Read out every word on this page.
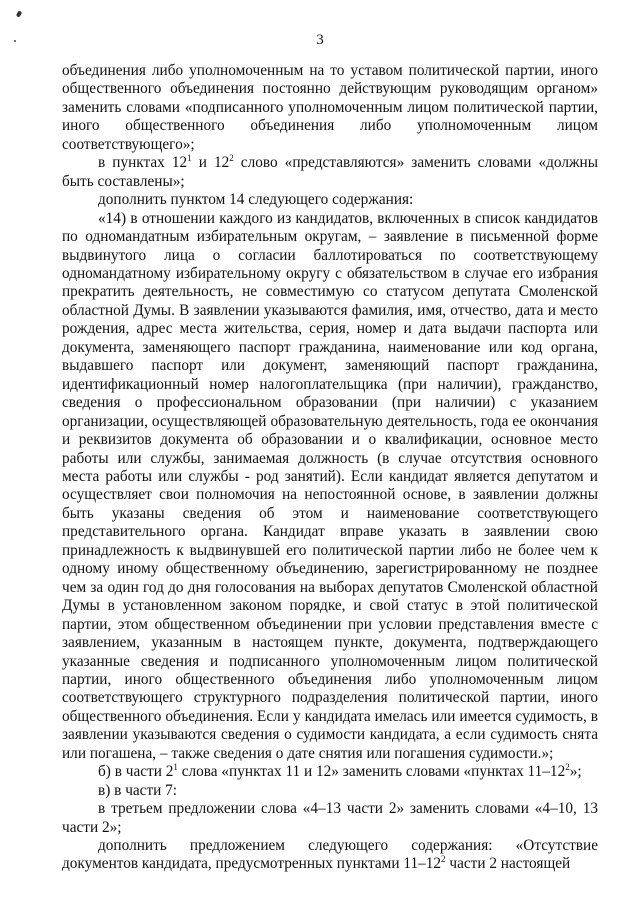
3

объединения либо уполномоченным на то уставом политической партии, иного общественного объединения постоянно действующим руководящим органом» заменить словами «подписанного уполномоченным лицом политической партии, иного общественного объединения либо уполномоченным лицом соответствующего»;

в пунктах $12^1$ и $12^2$ слово «представляются» заменить словами «должны быть составлены»;

дополнить пунктом 14 следующего содержания:

«14) в отношении каждого из кандидатов, включенных в список кандидатов по одномандатным избирательным округам, – заявление в письменной форме выдвинутого лица о согласии баллотироваться по соответствующему одномандатному избирательному округу с обязательством в случае его избрания прекратить деятельность, не совместимую со статусом депутата Смоленской областной Думы. В заявлении указываются фамилия, имя, отчество, дата и место рождения, адрес места жительства, серия, номер и дата выдачи паспорта или документа, заменяющего паспорт гражданина, наименование или код органа, выдавшего паспорт или документ, заменяющий паспорт гражданина, идентификационный номер налогоплательщика (при наличии), гражданство, сведения о профессиональном образовании (при наличии) с указанием организации, осуществляющей образовательную деятельность, года ее окончания и реквизитов документа об образовании и о квалификации, основное место работы или службы, занимаемая должность (в случае отсутствия основного места работы или службы - род занятий). Если кандидат является депутатом и осуществляет свои полномочия на непостоянной основе, в заявлении должны быть указаны сведения об этом и наименование соответствующего представительного органа. Кандидат вправе указать в заявлении свою принадлежность к выдвинувшей его политической партии либо не более чем к одному иному общественному объединению, зарегистрированному не позднее чем за один год до дня голосования на выборах депутатов Смоленской областной Думы в установленном законом порядке, и свой статус в этой политической партии, этом общественном объединении при условии представления вместе с заявлением, указанным в настоящем пункте, документа, подтверждающего указанные сведения и подписанного уполномоченным лицом политической партии, иного общественного объединения либо уполномоченным лицом соответствующего структурного подразделения политической партии, иного общественного объединения. Если у кандидата имелась или имеется судимость, в заявлении указываются сведения о судимости кандидата, а если судимость снята или погашена, – также сведения о дате снятия или погашения судимости.»;

б) в части $2^1$ слова «пунктах 11 и 12» заменить словами «пунктах $11-12^2$»;

в) в части 7:

в третьем предложении слова «4–13 части 2» заменить словами «4–10, 13 части 2»;

дополнить предложением следующего содержания: «Отсутствие документов кандидата, предусмотренных пунктами $11-12^2$ части 2 настоящей
